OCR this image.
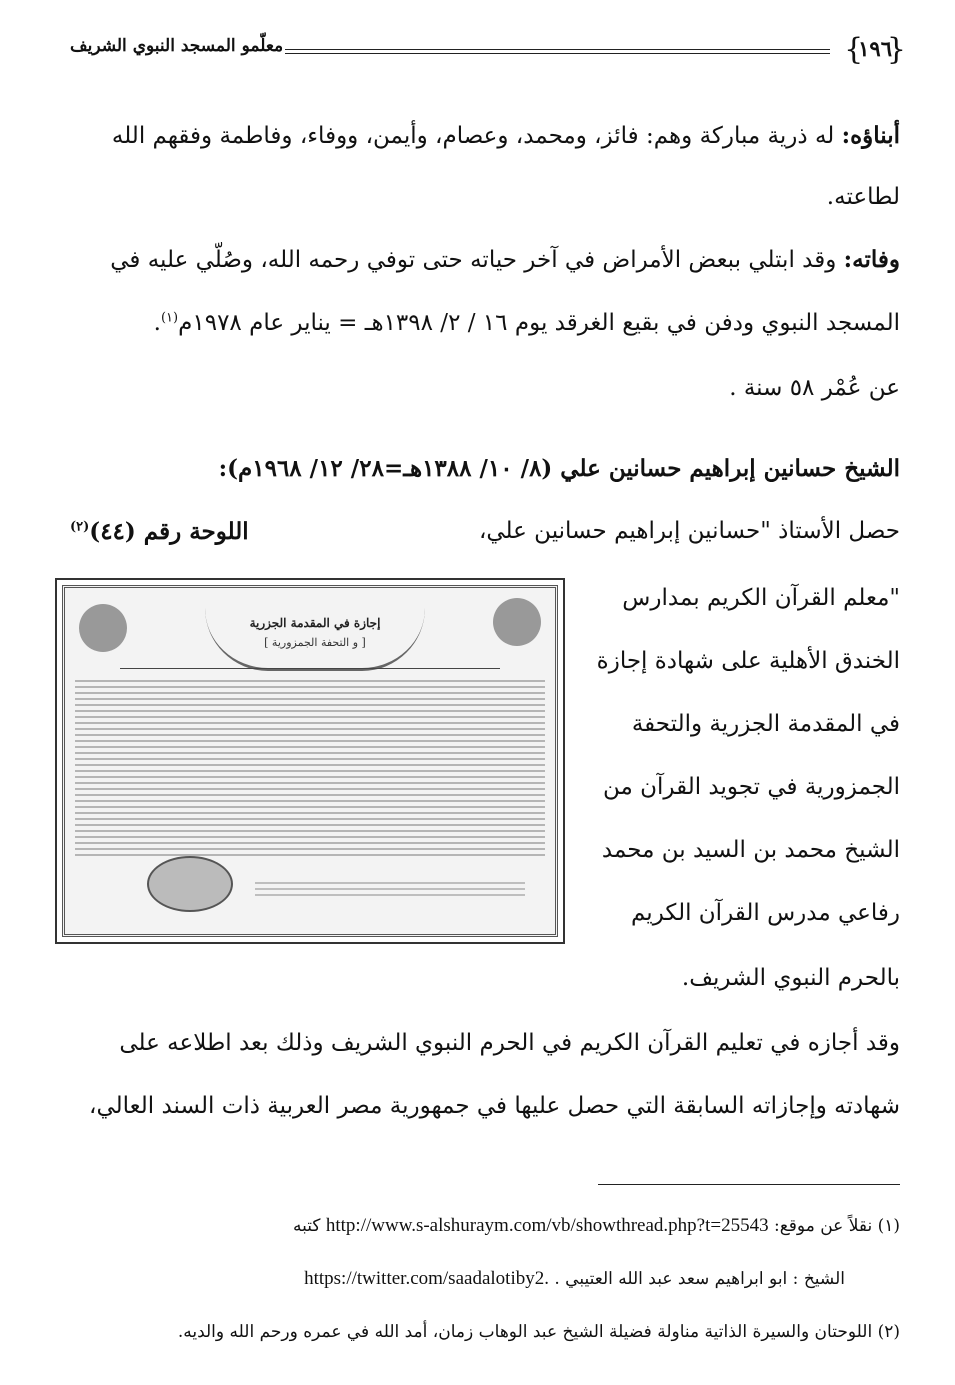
{ ١٩٦ }
معلّمو المسجد النبوي الشريف
أبناؤه: له ذرية مباركة وهم: فائز، ومحمد، وعصام، وأيمن، ووفاء، وفاطمة وفقهم الله
لطاعته.
وفاته: وقد ابتلي ببعض الأمراض في آخر حياته حتى توفي رحمه الله، وصُلّي عليه في
المسجد النبوي ودفن في بقيع الغرقد يوم ١٦ / ٢/ ١٣٩٨هـ = يناير عام ١٩٧٨م$^{(١)}$.
عن عُمْر ٥٨ سنة .
الشيخ حسانين إبراهيم حسانين علي (٨/ ١٠/ ١٣٨٨هـ=٢٨/ ١٢/ ١٩٦٨م):
حصل الأستاذ "حسانين إبراهيم حسانين علي،
اللوحة رقم (٤٤)$^{(٢)}$
"معلم القرآن الكريم بمدارس
الخندق الأهلية على شهادة إجازة
في المقدمة الجزرية والتحفة
الجمزورية في تجويد القرآن من
الشيخ محمد بن السيد بن محمد
رفاعي مدرس القرآن الكريم
إجازة في المقدمة الجزرية
[ و التحفة الجمزورية ]
بالحرم النبوي الشريف.
وقد أجازه في تعليم القرآن الكريم في الحرم النبوي الشريف وذلك بعد اطلاعه على
شهادته وإجازاته السابقة التي حصل عليها في جمهورية مصر العربية ذات السند العالي،
(١) نقلاً عن موقع: http://www.s-alshuraym.com/vb/showthread.php?t=25543 كتبه
الشيخ : ابو ابراهيم سعد عبد الله العتيبي . https://twitter.com/saadalotiby2.
(٢) اللوحتان والسيرة الذاتية مناولة فضيلة الشيخ عبد الوهاب زمان، أمد الله في عمره ورحم الله والديه.
